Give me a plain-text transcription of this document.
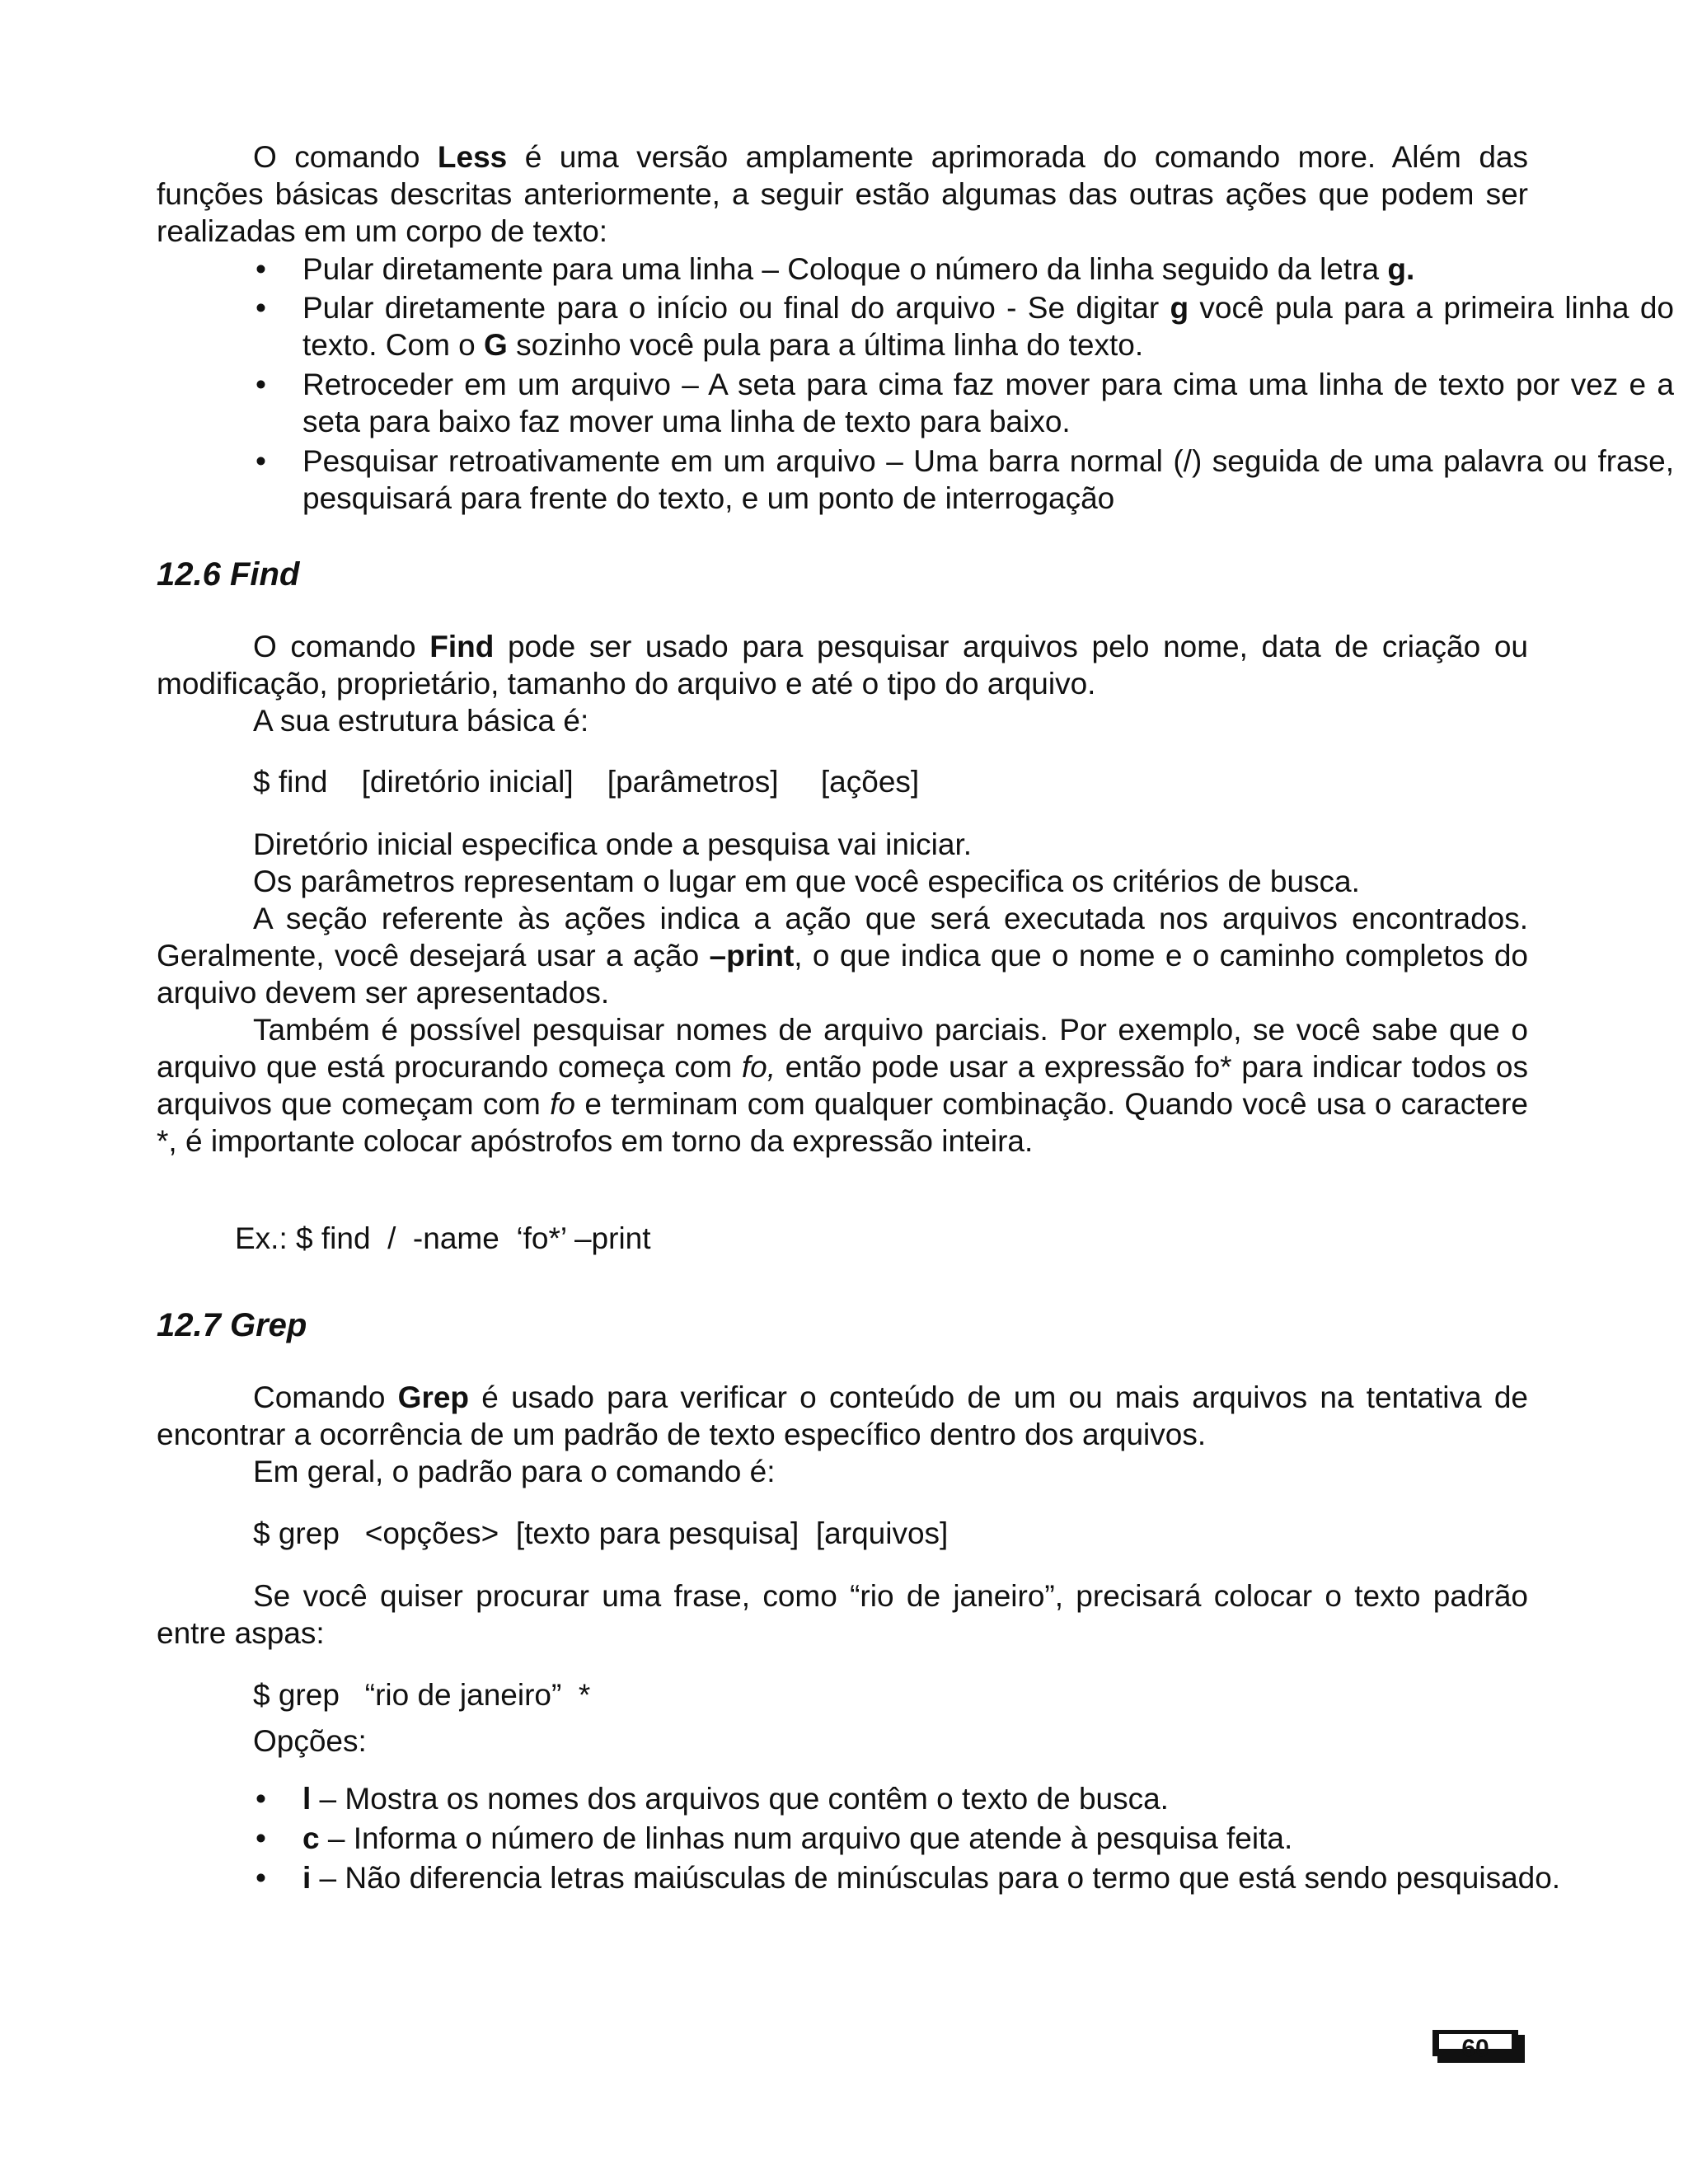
O comando Less é uma versão amplamente aprimorada do comando more. Além das funções básicas descritas anteriormente, a seguir estão algumas das outras ações que podem ser realizadas em um corpo de texto:

• Pular diretamente para uma linha – Coloque o número da linha seguido da letra g.
• Pular diretamente para o início ou final do arquivo - Se digitar g você pula para a primeira linha do texto. Com o G sozinho você pula para a última linha do texto.
• Retroceder em um arquivo – A seta para cima faz mover para cima uma linha de texto por vez e a seta para baixo faz mover uma linha de texto para baixo.
• Pesquisar retroativamente em um arquivo – Uma barra normal (/) seguida de uma palavra ou frase, pesquisará para frente do texto, e um ponto de interrogação

12.6 Find

O comando Find pode ser usado para pesquisar arquivos pelo nome, data de criação ou modificação, proprietário, tamanho do arquivo e até o tipo do arquivo.

A sua estrutura básica é:

$ find    [diretório inicial]    [parâmetros]     [ações]

Diretório inicial especifica onde a pesquisa vai iniciar.

Os parâmetros representam o lugar em que você especifica os critérios de busca.

A seção referente às ações indica a ação que será executada nos arquivos encontrados. Geralmente, você desejará usar a ação –print, o que indica que o nome e o caminho completos do arquivo devem ser apresentados.

Também é possível pesquisar nomes de arquivo parciais. Por exemplo, se você sabe que o arquivo que está procurando começa com fo, então pode usar a expressão fo* para indicar todos os arquivos que começam com fo e terminam com qualquer combinação. Quando você usa o caractere *, é importante colocar apóstrofos em torno da expressão inteira.

Ex.: $ find  /  -name  ‘fo*’ –print

12.7 Grep

Comando Grep é usado para verificar o conteúdo de um ou mais arquivos na tentativa de encontrar a ocorrência de um padrão de texto específico dentro dos arquivos.

Em geral, o padrão para o comando é:

$ grep   <opções>  [texto para pesquisa]  [arquivos]

Se você quiser procurar uma frase, como “rio de janeiro”, precisará colocar o texto padrão entre aspas:

$ grep   “rio de janeiro”  *

Opções:

• l – Mostra os nomes dos arquivos que contêm o texto de busca.
• c – Informa o número de linhas num arquivo que atende à pesquisa feita.
• i – Não diferencia letras maiúsculas de minúsculas para o termo que está sendo pesquisado.
60
